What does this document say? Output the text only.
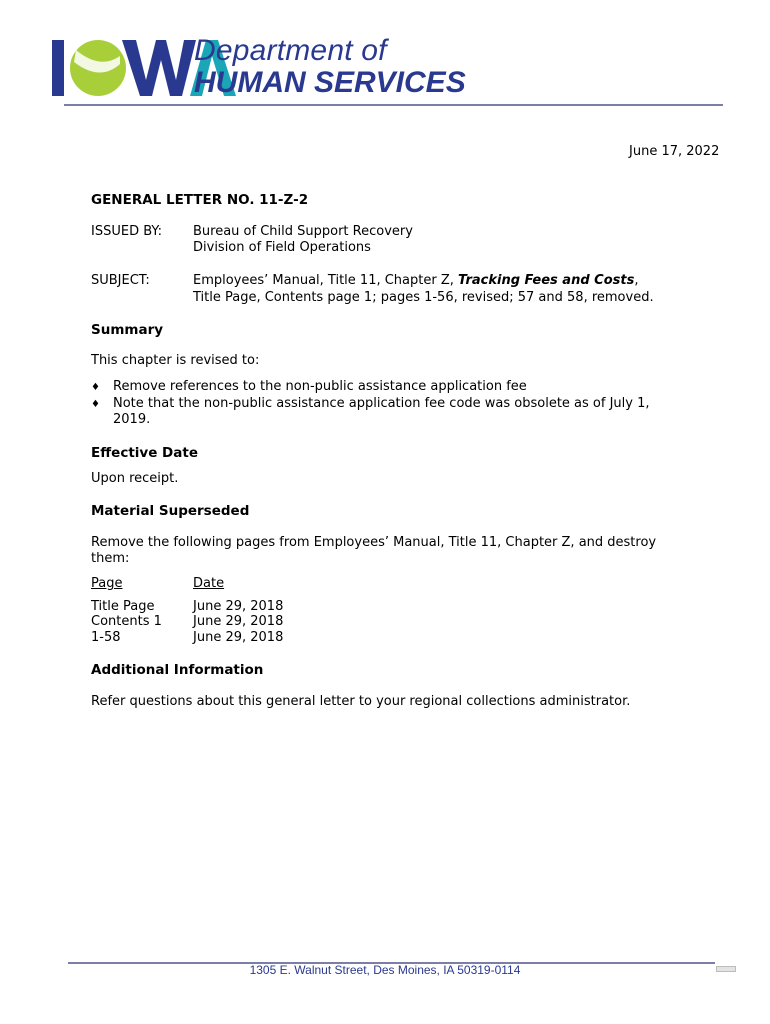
Department of
HUMAN SERVICES
June 17, 2022
GENERAL LETTER NO. 11-Z-2
ISSUED BY: Bureau of Child Support Recovery
Division of Field Operations
SUBJECT:	Employees’ Manual, Title 11, Chapter Z, Tracking Fees and Costs,
Title Page, Contents page 1; pages 1-56, revised; 57 and 58, removed.
Summary
This chapter is revised to:
♦ Remove references to the non-public assistance application fee
♦ Note that the non-public assistance application fee code was obsolete as of July 1,
2019.
Effective Date
Upon receipt.
Material Superseded
Remove the following pages from Employees’ Manual, Title 11, Chapter Z, and destroy
them:
Page	Date
Title Page	June 29, 2018
Contents 1 June 29, 2018
1-58	June 29, 2018
Additional Information
Refer questions about this general letter to your regional collections administrator.
1305 E. Walnut Street, Des Moines, IA 50319-0114
